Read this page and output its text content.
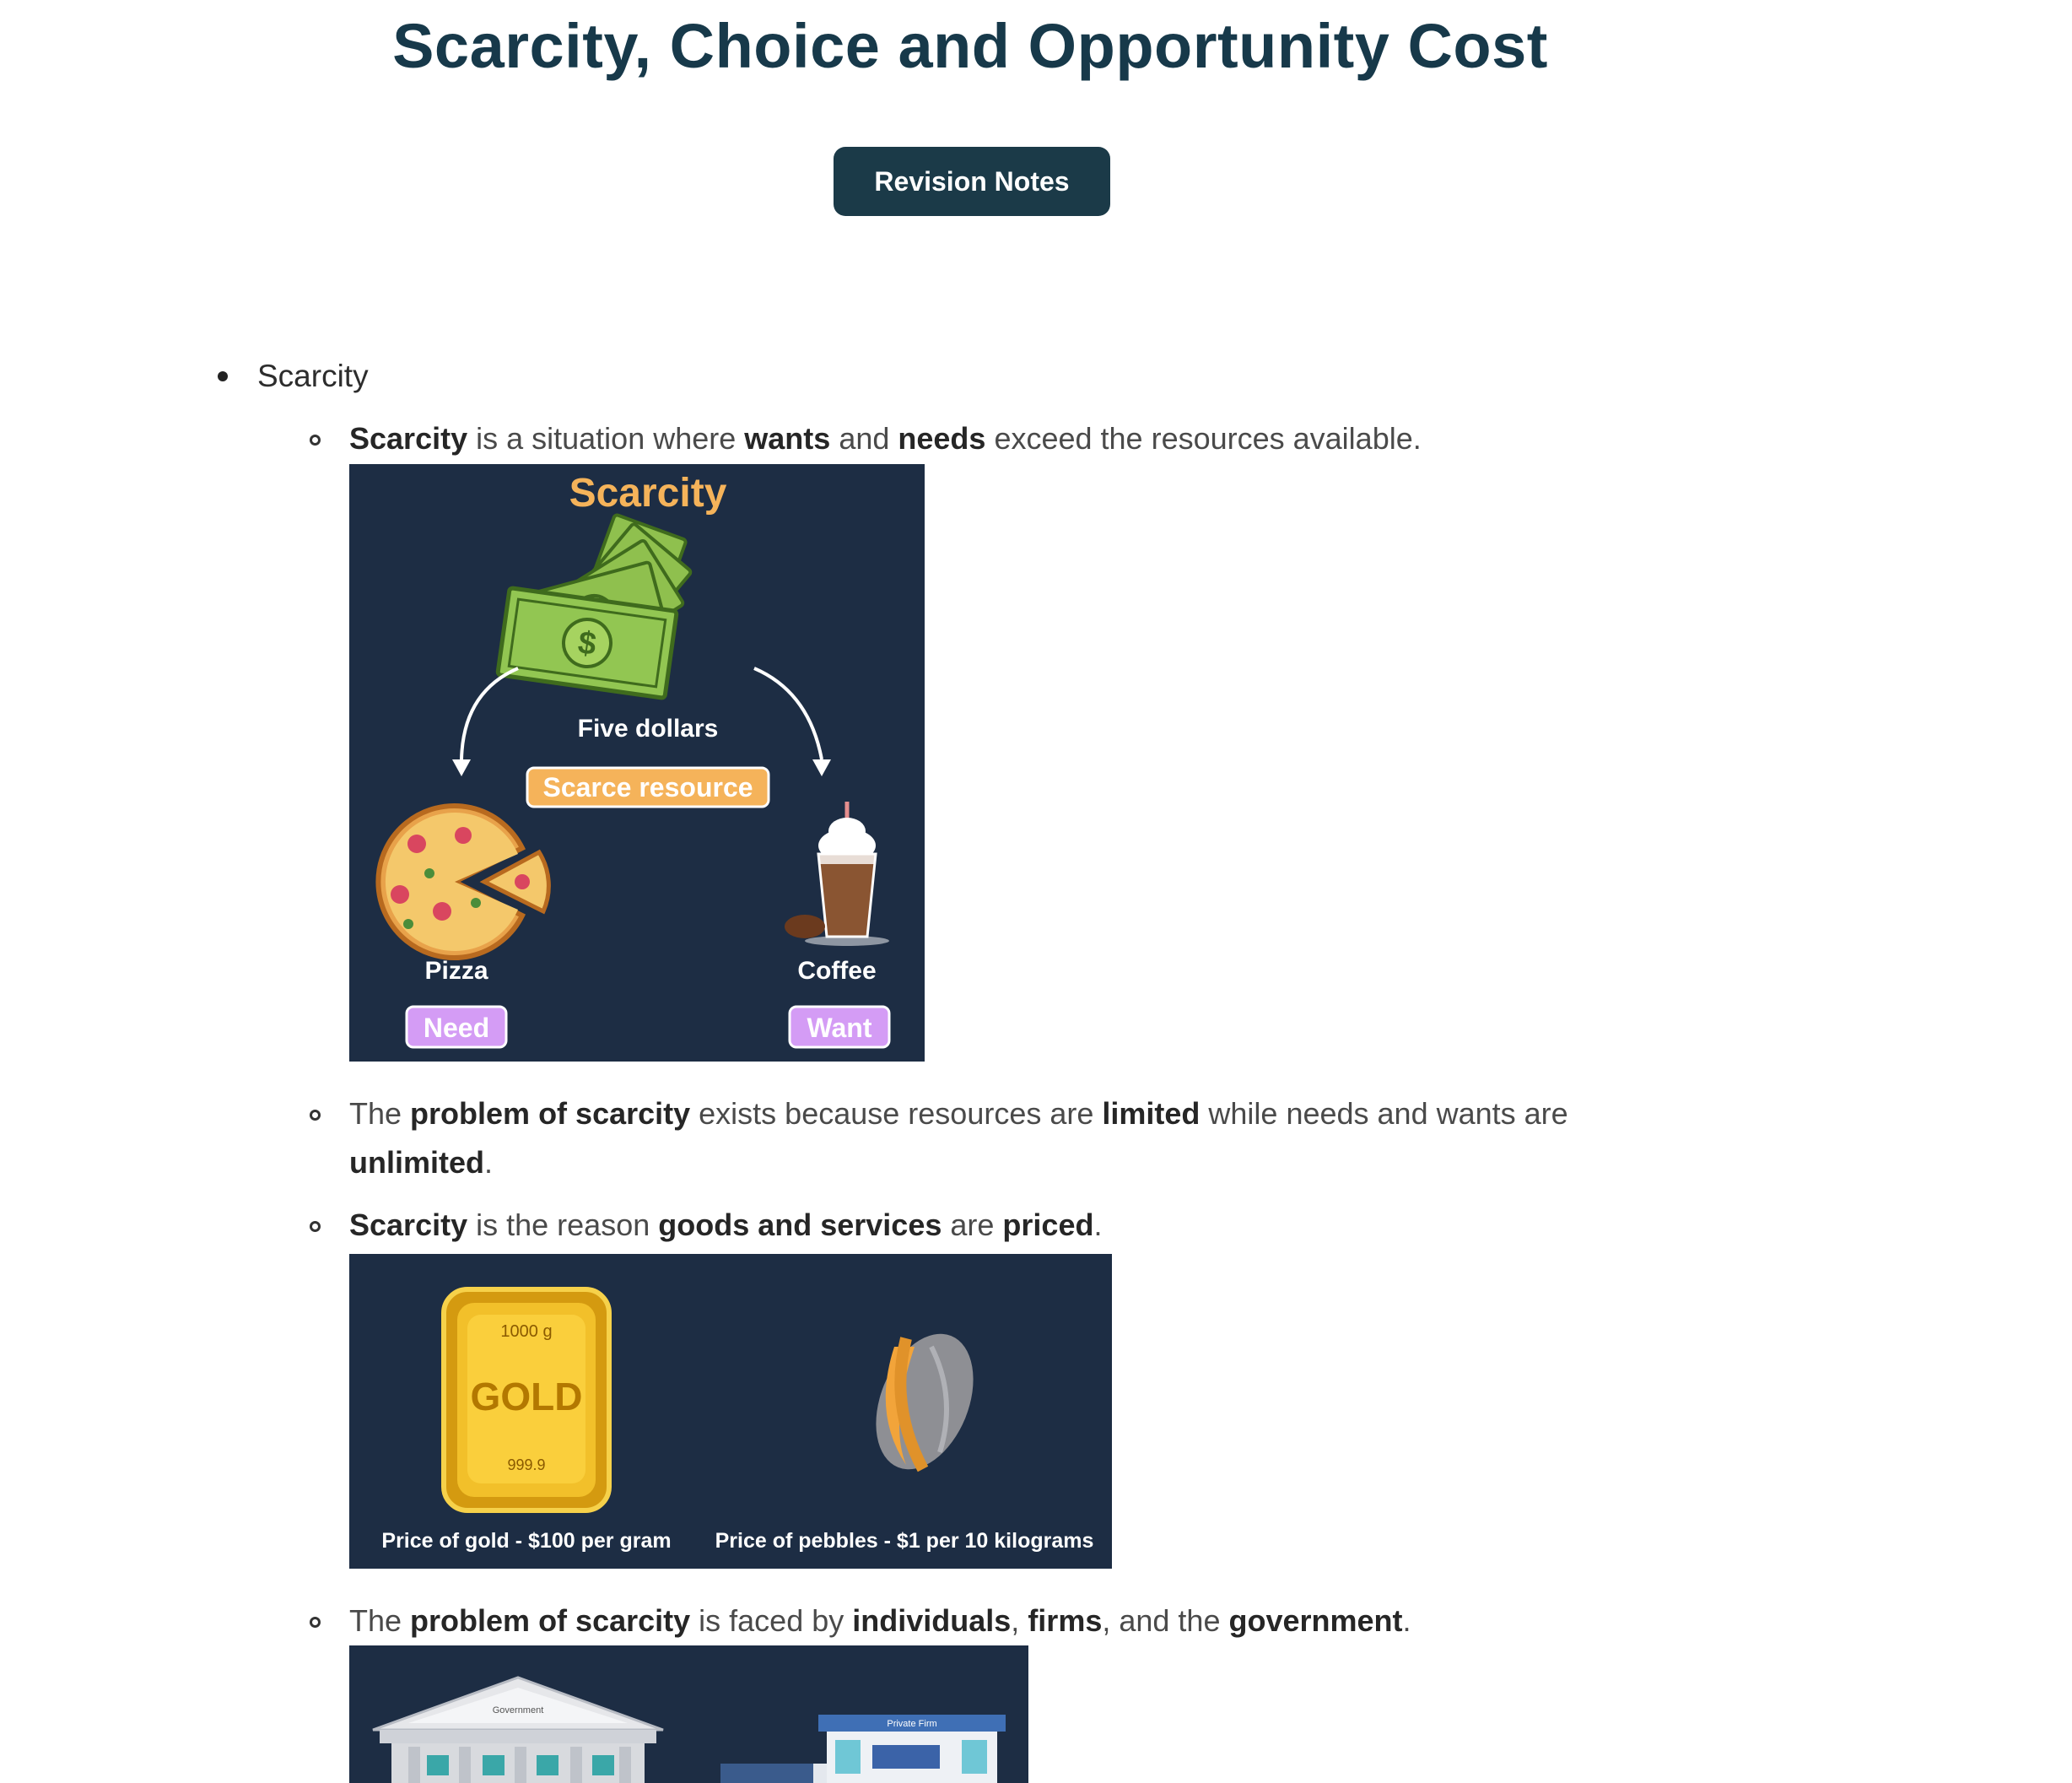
Scarcity, Choice and Opportunity Cost
Revision Notes
Scarcity
Scarcity is a situation where wants and needs exceed the resources available.
Scarcity
$
Five dollars
Scarce resource
Pizza	Coffee
Need	Want
The problem of scarcity exists because resources are limited while needs and wants are
unlimited.
Scarcity is the reason goods and services are priced.
1000 g
GOLD
999.9
Price of gold - $100 per gram Price of pebbles - $1 per 10 kilograms
The problem of scarcity is faced by individuals, firms, and the government.
Government
Private Firm
